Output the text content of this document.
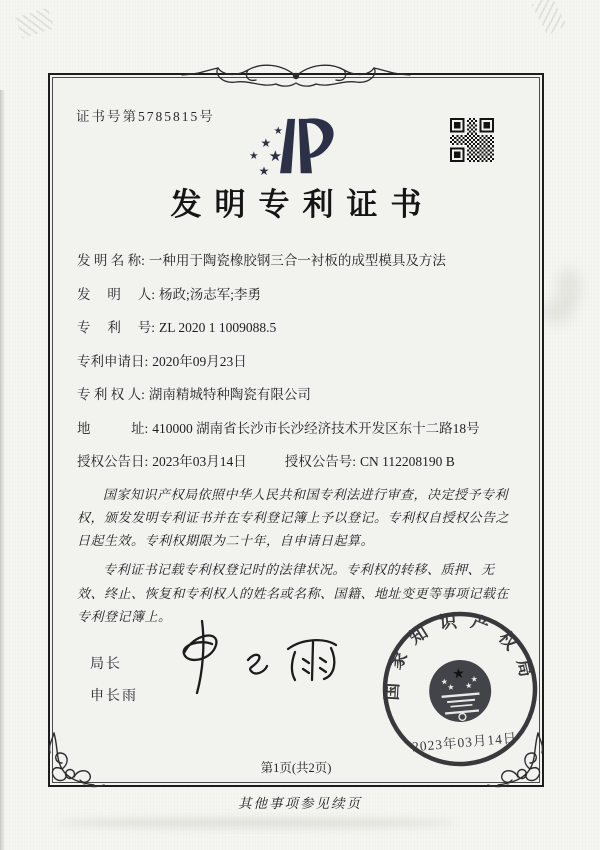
证书号第5785815号
★
★
★ ★
★
发明专利证书
发 明 名 称: 一种用于陶瓷橡胶钢三合一衬板的成型模具及方法
发　 明 　人: 杨政;汤志军;李勇
专　 利 　号: ZL 2020 1 1009088.5
专利申请日: 2020年09月23日
专 利 权 人: 湖南精城特种陶瓷有限公司
地　　　址: 410000 湖南省长沙市长沙经济技术开发区东十二路18号
授权公告日: 2023年03月14日	授权公告号: CN 112208190 B

国家知识产权局依照中华人民共和国专利法进行审查，决定授予专利权，颁发发明专利证书并在专利登记簿上予以登记。专利权自授权公告之日起生效。专利权期限为二十年，自申请日起算。

专利证书记载专利权登记时的法律状况。专利权的转移、质押、无效、终止、恢复和专利权人的姓名或名称、国籍、地址变更等事项记载在专利登记簿上。

局长
申长雨	国家知识产权局
★
★	★
★ ★
2023年03月14日
第1页(共2页)
其他事项参见续页
